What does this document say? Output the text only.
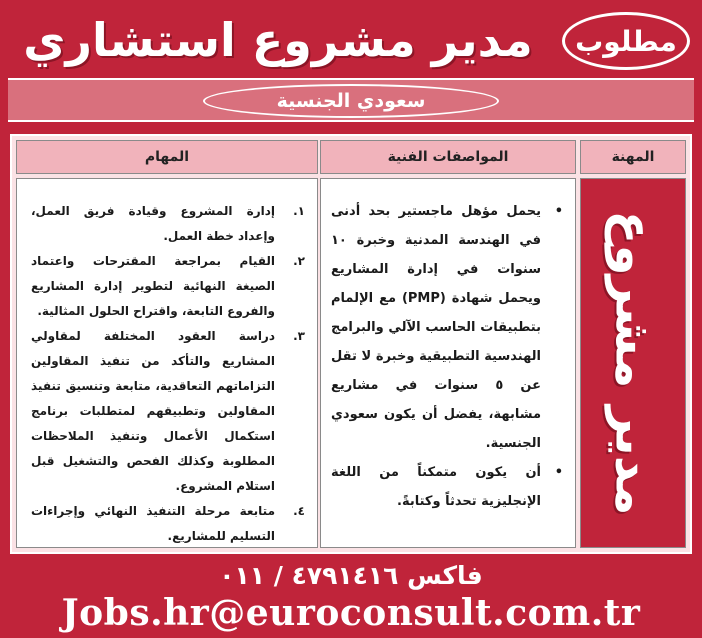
مدير مشروع استشاري	مطلوب
سعودي الجنسية
المهنة
المواصفات الفنية
المهام
مدير مشروع
•
يحمل مؤهل ماجستير بحد أدنى في الهندسة المدنية وخبرة ١٠ سنوات في إدارة المشاريع ويحمل شهادة (PMP) مع الإلمام بتطبيقات الحاسب الآلي والبرامج الهندسية التطبيقية وخبرة لا تقل عن ٥ سنوات في مشاريع مشابهة، يفضل أن يكون سعودي الجنسية.
•
أن يكون متمكناً من اللغة الإنجليزية تحدثاً وكتابةً.
١.
إدارة المشروع وقيادة فريق العمل، وإعداد خطة العمل.
٢.
القيام بمراجعة المقترحات واعتماد الصيغة النهائية لتطوير إدارة المشاريع والفروع التابعة، واقتراح الحلول المثالية.
٣.
دراسة العقود المختلفة لمقاولي المشاريع والتأكد من تنفيذ المقاولين التزاماتهم التعاقدية، متابعة وتنسيق تنفيذ المقاولين وتطبيقهم لمتطلبات برنامج استكمال الأعمال وتنفيذ الملاحظات المطلوبة وكذلك الفحص والتشغيل قبل استلام المشروع.
٤.
متابعة مرحلة التنفيذ النهائي وإجراءات التسليم للمشاريع.
فاكس ٤٧٩١٤١٦ / ٠١١
Jobs.hr@euroconsult.com.tr
